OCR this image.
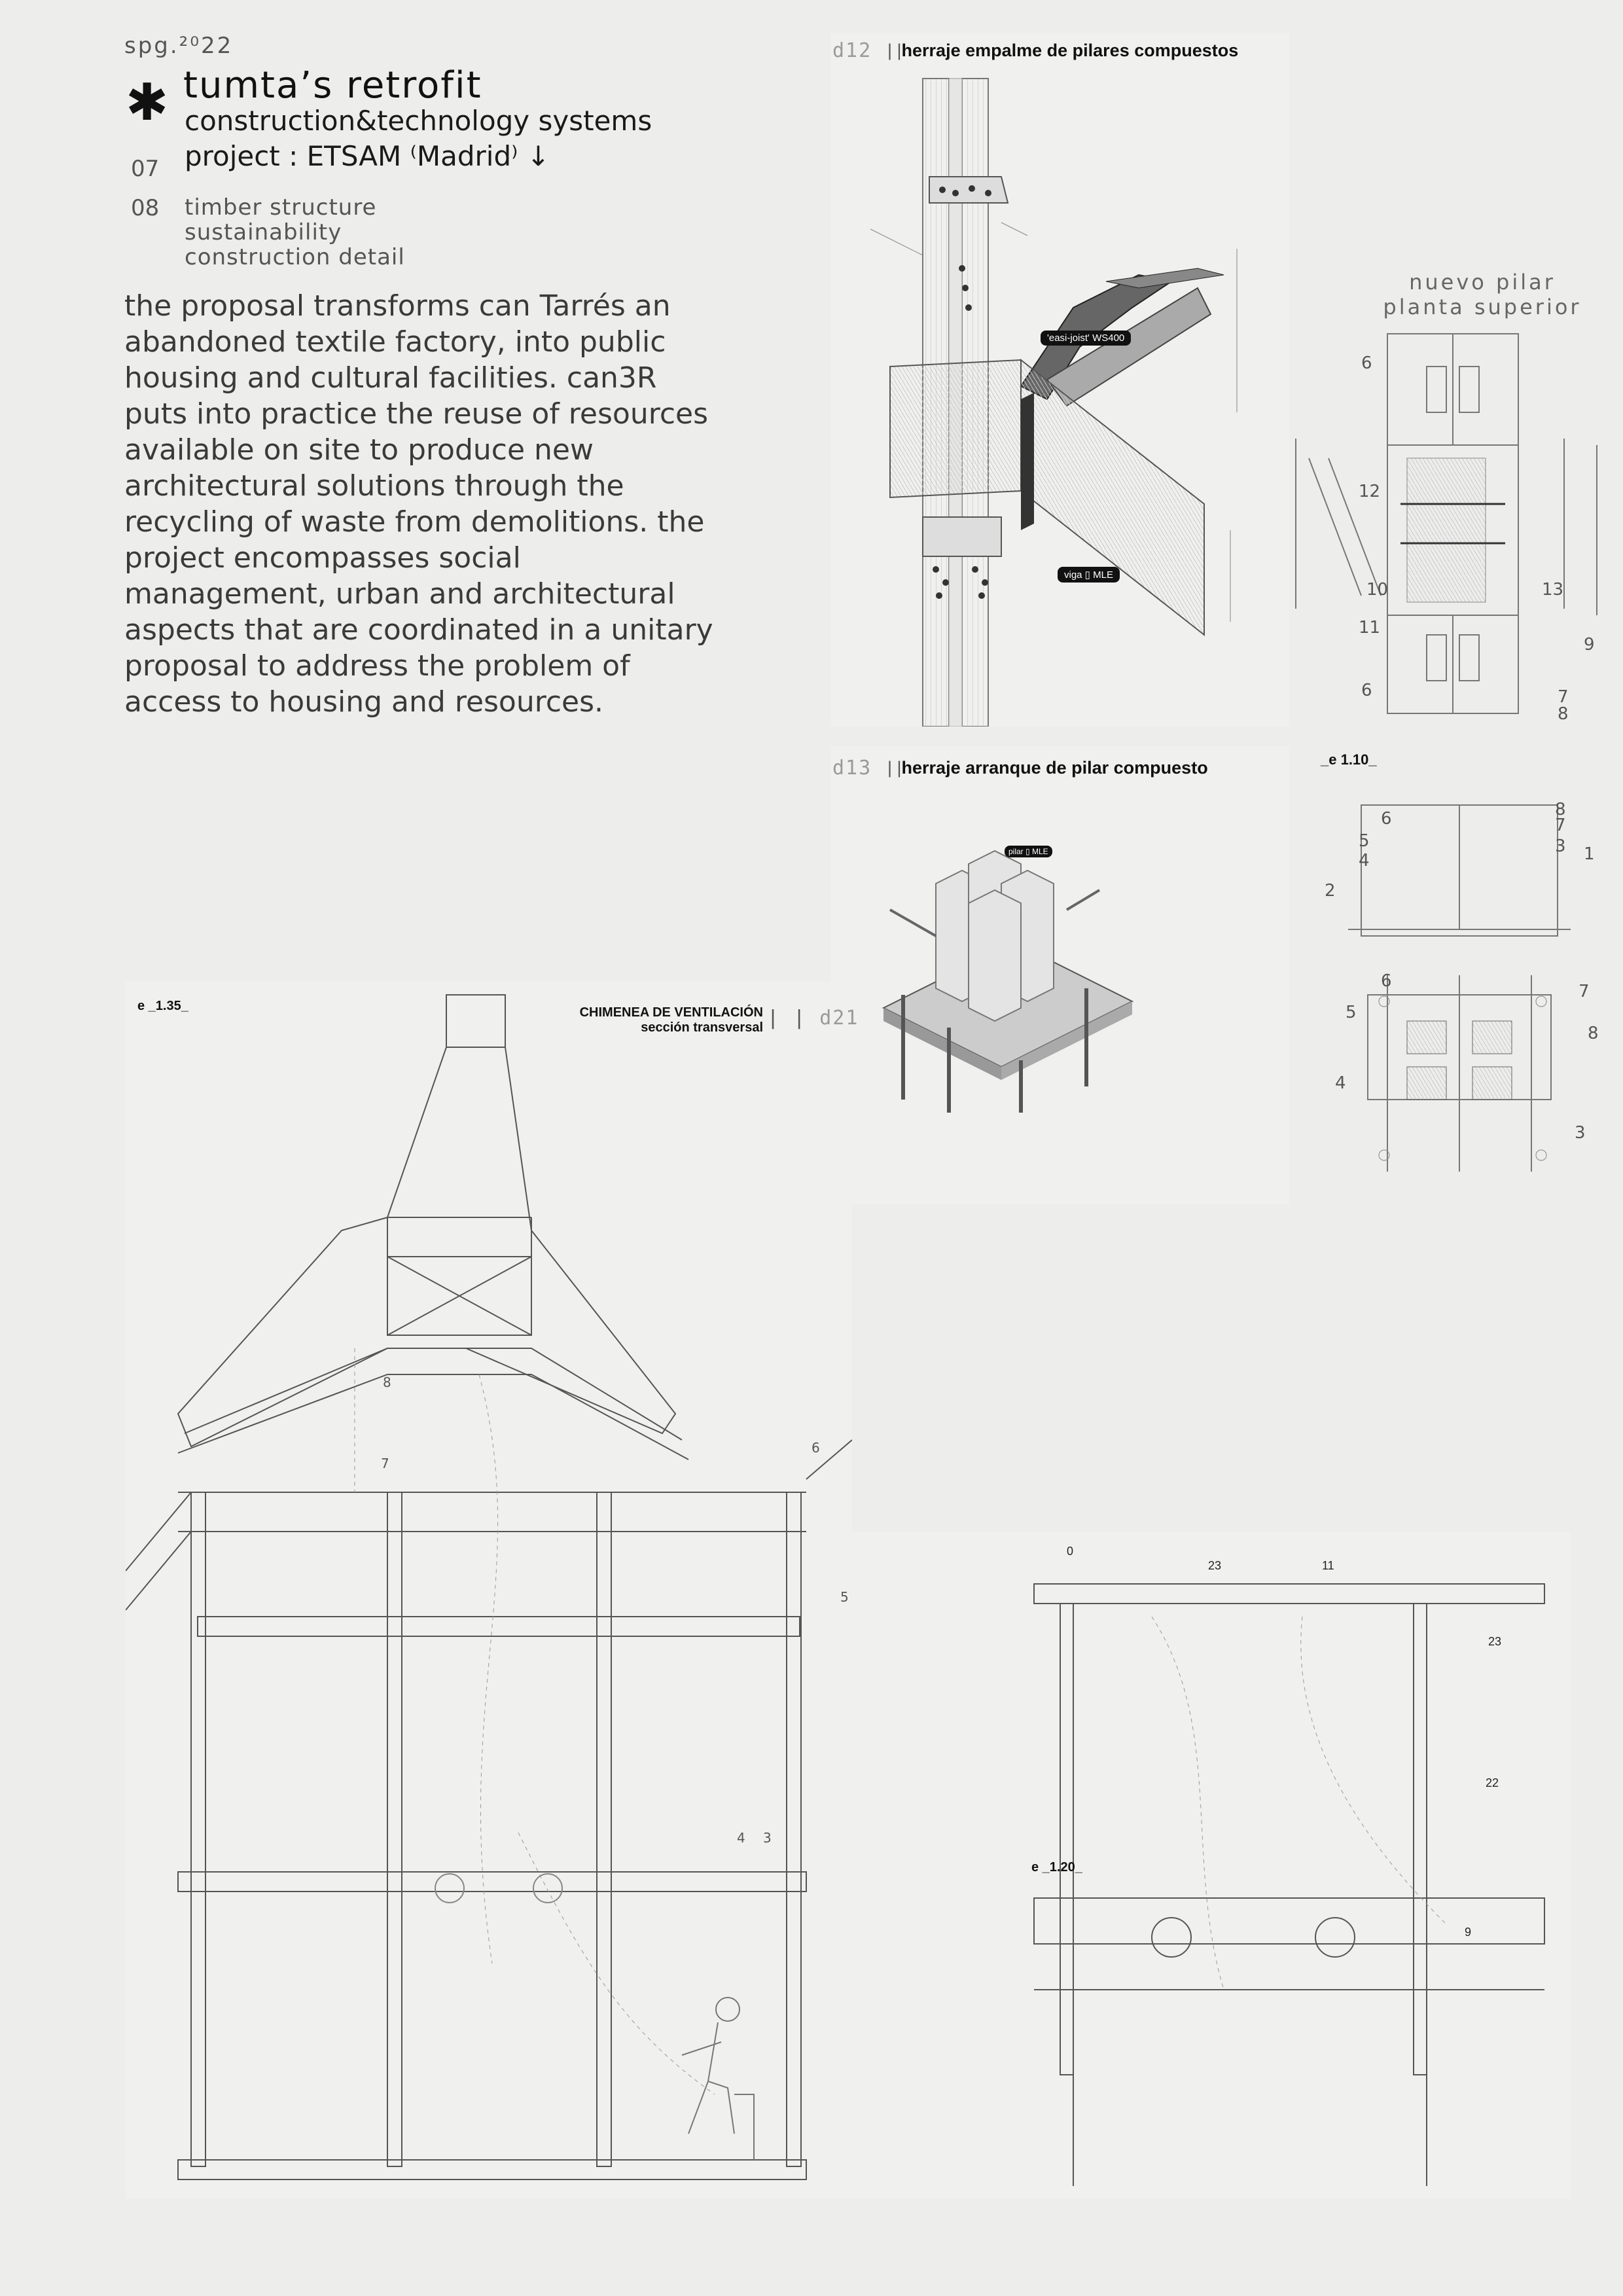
spg.²⁰22
✱ tumta’s retrofit
construction&technology systems
project : ETSAM ⁽Madrid⁾ ↓
07
08 timber structure
sustainability
construction detail
the proposal transforms can Tarrés an abandoned textile factory, into public housing and cultural facilities. can3R puts into practice the reuse of resources available on site to produce new architectural solutions through the recycling of waste from demolitions. the project encompasses social management, urban and architectural aspects that are coordinated in a unitary proposal to address the problem of access to housing and resources.
d12 | |herraje empalme de pilares compuestos
'easi-joist' WS400
viga ▯ MLE
nuevo pilar
planta superior
6
12
10
11
6
13
9
7
8
d13 | |herraje arranque de pilar compuesto
pilar ▯ MLE
_e 1.10_
6
5
4
2
8
7
3 1
6
5
4
7
8
3
e _1.35_	CHIMENEA DE VENTILACIÓN
sección transversal | | d21
8
7
6
5
4 3
0
23	11
23
22
9
e _1.20_
